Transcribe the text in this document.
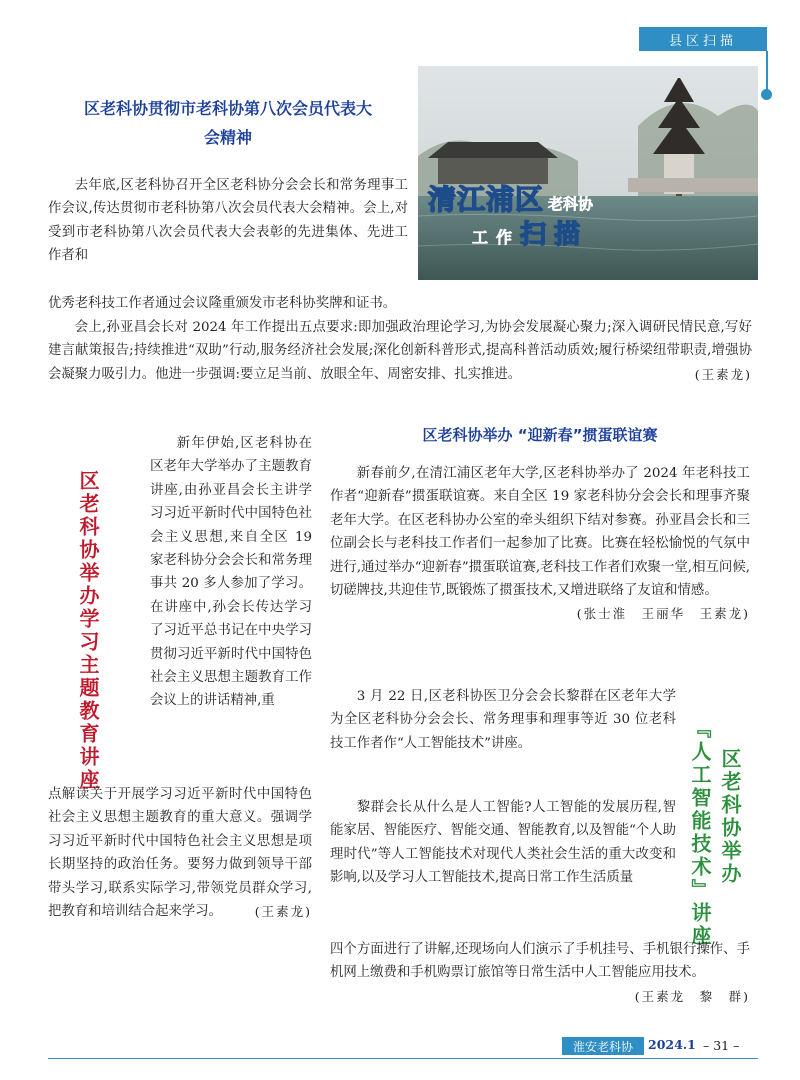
县区扫描
清江浦区 老科协
工作扫描
区老科协贯彻市老科协第八次会员代表大会精神

去年底,区老科协召开全区老科协分会会长和常务理事工作会议,传达贯彻市老科协第八次会员代表大会精神。会上,对受到市老科协第八次会员代表大会表彰的先进集体、先进工作者和

优秀老科技工作者通过会议隆重颁发市老科协奖牌和证书。

会上,孙亚昌会长对 2024 年工作提出五点要求:即加强政治理论学习,为协会发展凝心聚力;深入调研民情民意,写好建言献策报告;持续推进“双助”行动,服务经济社会发展;深化创新科普形式,提高科普活动质效;履行桥梁纽带职责,增强协会凝聚力吸引力。他进一步强调:要立足当前、放眼全年、周密安排、扎实推进。	(王素龙)

区老科协举办学习主题教育讲座

新年伊始,区老科协在区老年大学举办了主题教育讲座,由孙亚昌会长主讲学习习近平新时代中国特色社会主义思想,来自全区 19 家老科协分会会长和常务理事共 20 多人参加了学习。在讲座中,孙会长传达学习了习近平总书记在中央学习贯彻习近平新时代中国特色社会主义思想主题教育工作会议上的讲话精神,重

点解读关于开展学习习近平新时代中国特色社会主义思想主题教育的重大意义。强调学习习近平新时代中国特色社会主义思想是项长期坚持的政治任务。要努力做到领导干部带头学习,联系实际学习,带领党员群众学习,把教育和培训结合起来学习。	(王素龙)

区老科协举办 “迎新春”掼蛋联谊赛

新春前夕,在清江浦区老年大学,区老科协举办了 2024 年老科技工作者“迎新春”掼蛋联谊赛。来自全区 19 家老科协分会会长和理事齐聚老年大学。在区老科协办公室的牵头组织下结对参赛。孙亚昌会长和三位副会长与老科技工作者们一起参加了比赛。比赛在轻松愉悦的气氛中进行,通过举办“迎新春”掼蛋联谊赛,老科技工作者们欢聚一堂,相互问候,切磋牌技,共迎佳节,既锻炼了掼蛋技术,又增进联络了友谊和情感。
(张士淮　王丽华　王素龙)

区老科协举办
『人工智能技术』讲座

3 月 22 日,区老科协医卫分会会长黎群在区老年大学为全区老科协分会会长、常务理事和理事等近 30 位老科技工作者作“人工智能技术”讲座。

黎群会长从什么是人工智能?人工智能的发展历程,智能家居、智能医疗、智能交通、智能教育,以及智能“个人助理时代”等人工智能技术对现代人类社会生活的重大改变和影响,以及学习人工智能技术,提高日常工作生活质量

四个方面进行了讲解,还现场向人们演示了手机挂号、手机银行操作、手机网上缴费和手机购票订旅馆等日常生活中人工智能应用技术。
(王素龙　黎　群)

淮安老科协	2024.1 – 31 –
